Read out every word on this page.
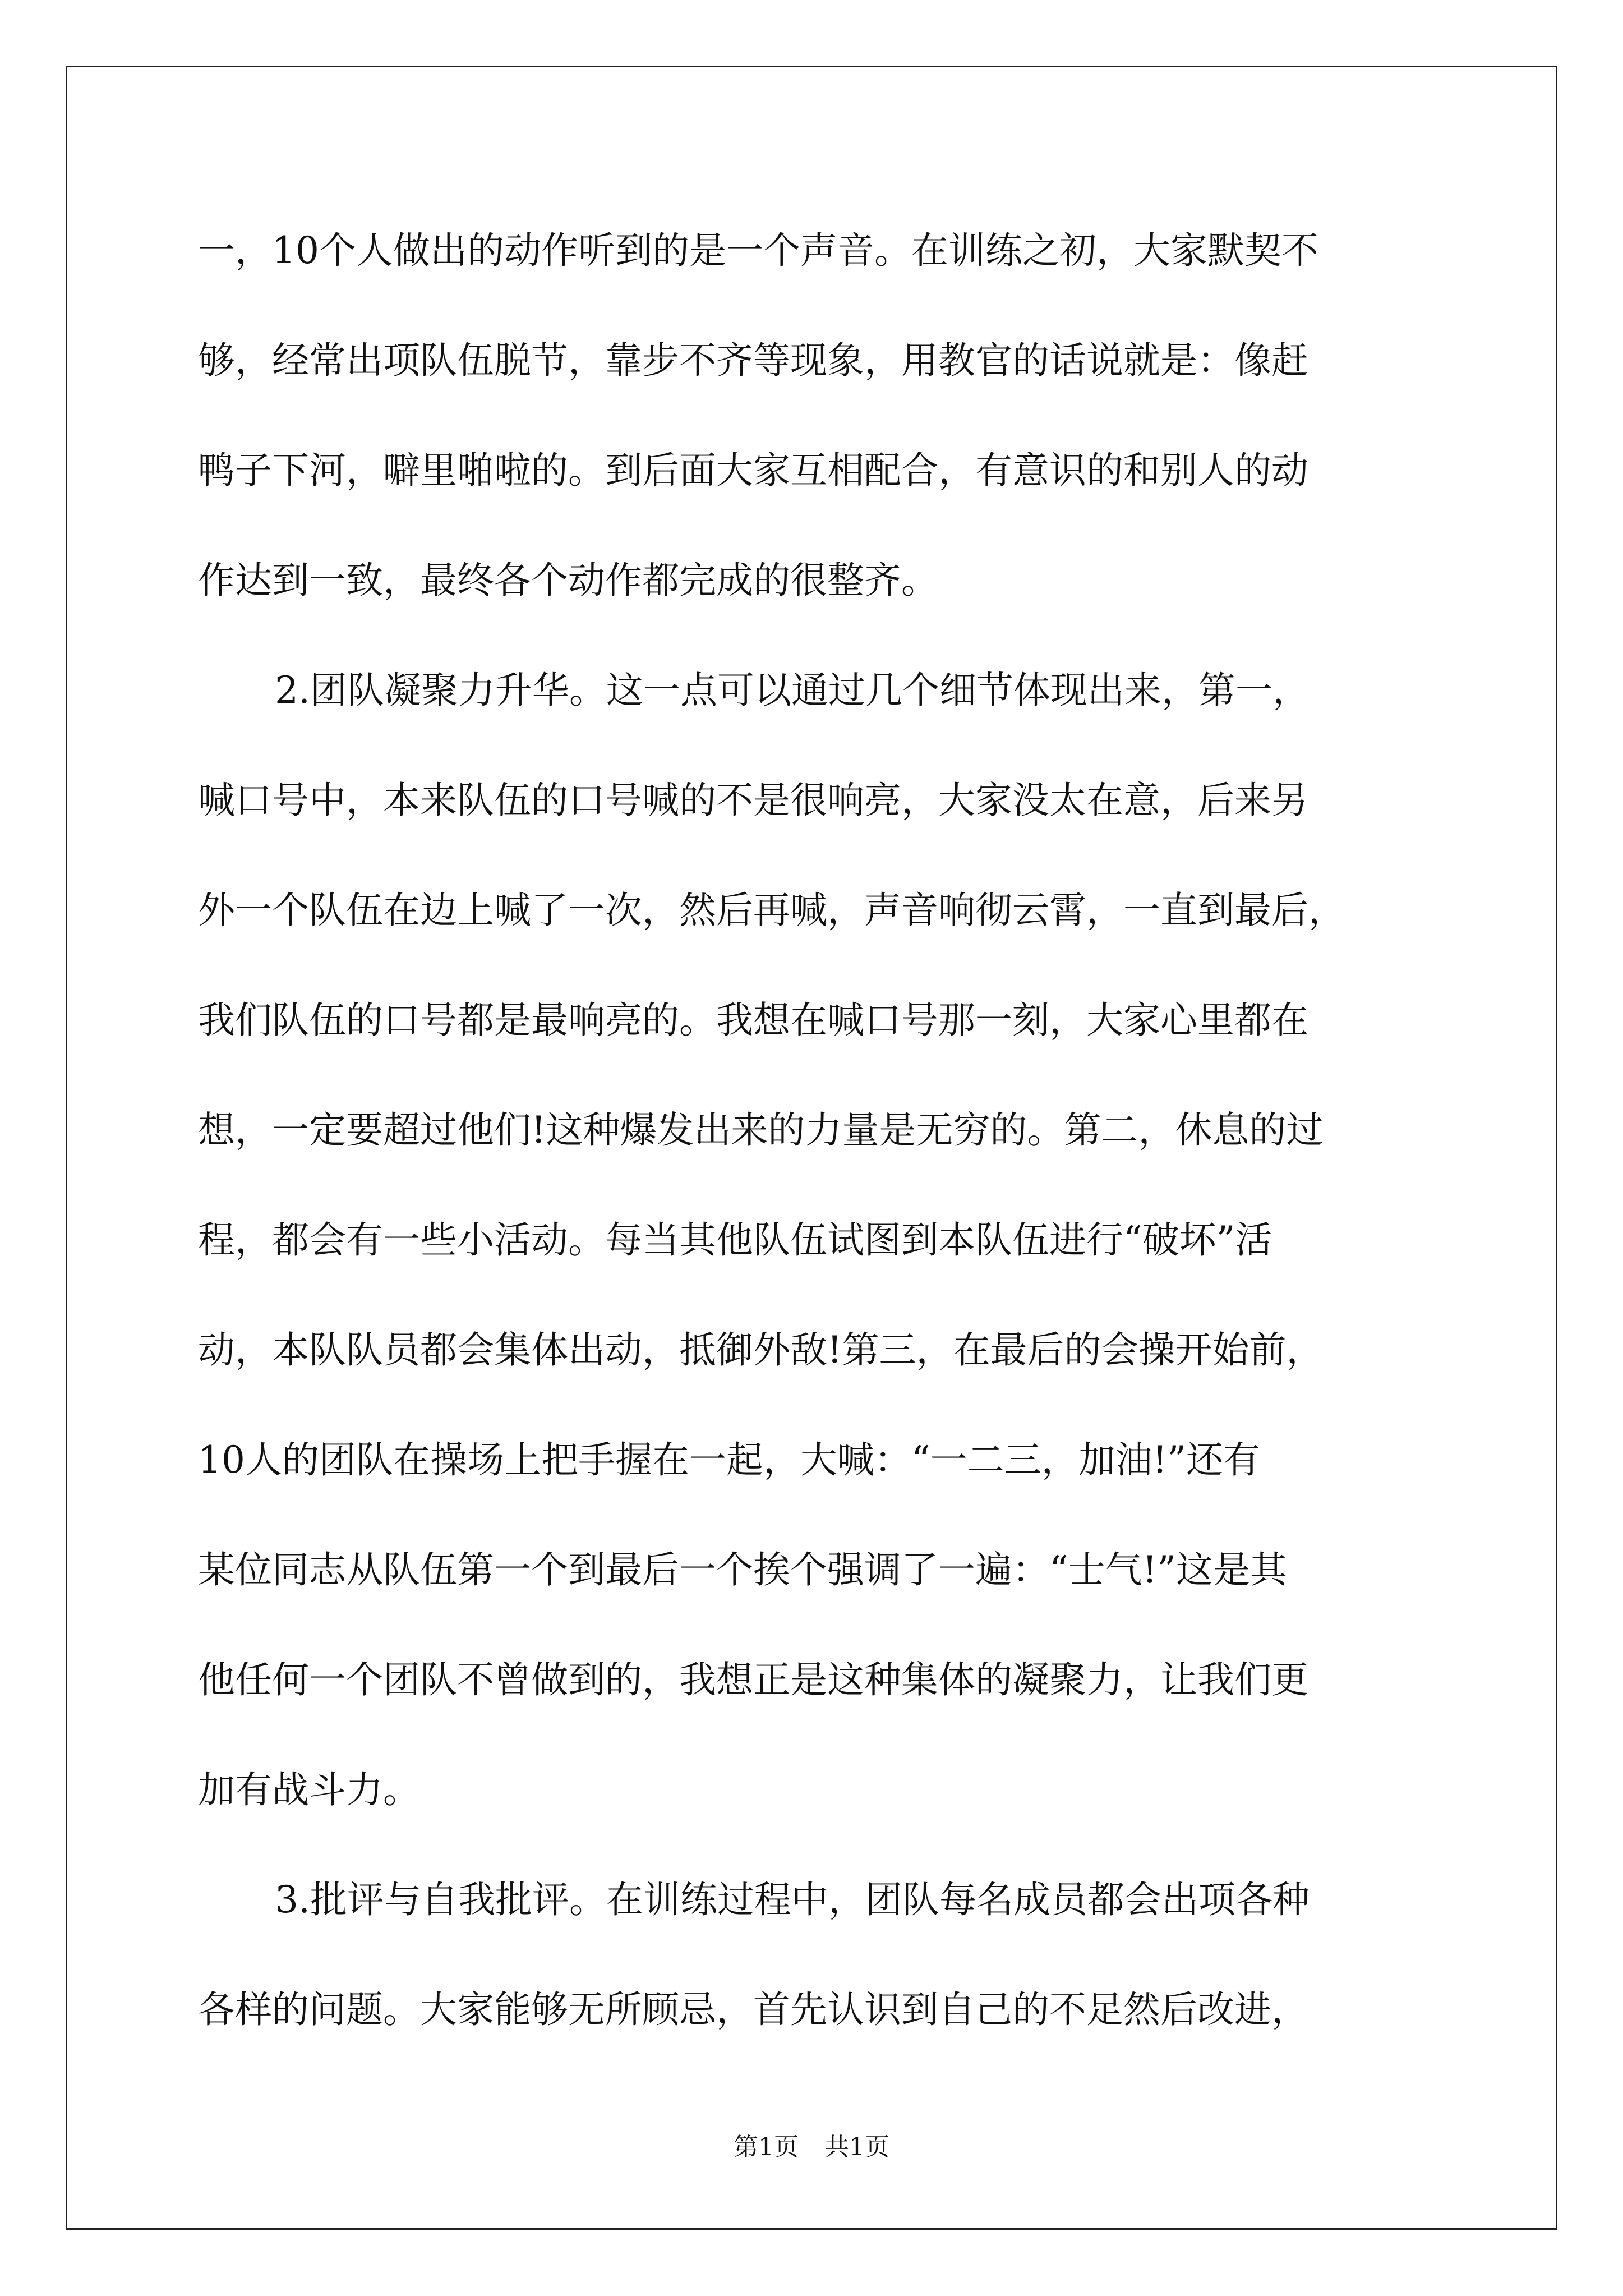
一，10个人做出的动作听到的是一个声音。在训练之初，大家默契不
够，经常出项队伍脱节，靠步不齐等现象，用教官的话说就是：像赶
鸭子下河，噼里啪啦的。到后面大家互相配合，有意识的和别人的动
作达到一致，最终各个动作都完成的很整齐。
2.团队凝聚力升华。这一点可以通过几个细节体现出来，第一，
喊口号中，本来队伍的口号喊的不是很响亮，大家没太在意，后来另
外一个队伍在边上喊了一次，然后再喊，声音响彻云霄，一直到最后，
我们队伍的口号都是最响亮的。我想在喊口号那一刻，大家心里都在
想，一定要超过他们!这种爆发出来的力量是无穷的。第二，休息的过
程，都会有一些小活动。每当其他队伍试图到本队伍进行“破坏”活
动，本队队员都会集体出动，抵御外敌!第三，在最后的会操开始前，
10人的团队在操场上把手握在一起，大喊：“一二三，加油!”还有
某位同志从队伍第一个到最后一个挨个强调了一遍：“士气!”这是其
他任何一个团队不曾做到的，我想正是这种集体的凝聚力，让我们更
加有战斗力。
3.批评与自我批评。在训练过程中，团队每名成员都会出项各种
各样的问题。大家能够无所顾忌，首先认识到自己的不足然后改进，
第1页 共1页
